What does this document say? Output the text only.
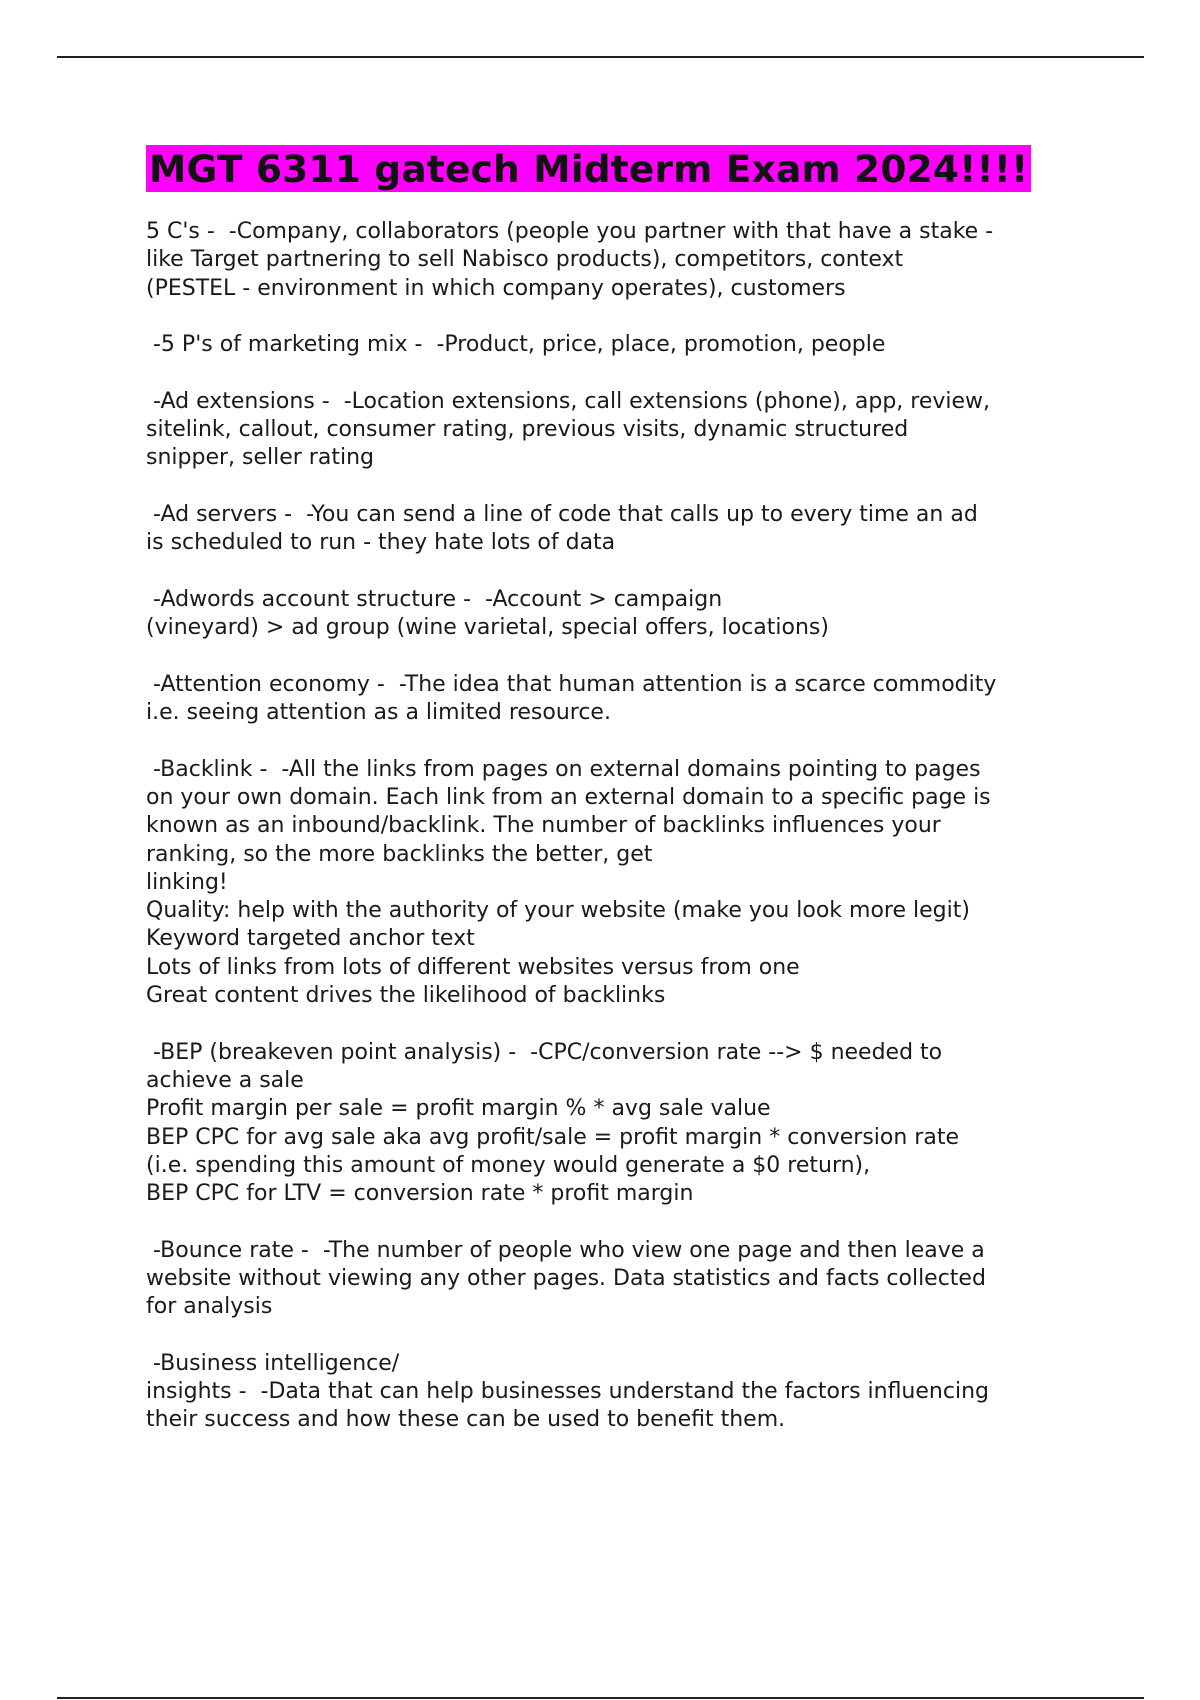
MGT 6311 gatech Midterm Exam 2024!!!!
5 C's -  -Company, collaborators (people you partner with that have a stake -
like Target partnering to sell Nabisco products), competitors, context
(PESTEL - environment in which company operates), customers
-5 P's of marketing mix -  -Product, price, place, promotion, people
-Ad extensions -  -Location extensions, call extensions (phone), app, review,
sitelink, callout, consumer rating, previous visits, dynamic structured
snipper, seller rating
-Ad servers -  -You can send a line of code that calls up to every time an ad
is scheduled to run - they hate lots of data
-Adwords account structure -  -Account > campaign
(vineyard) > ad group (wine varietal, special offers, locations)
-Attention economy -  -The idea that human attention is a scarce commodity
i.e. seeing attention as a limited resource.
-Backlink -  -All the links from pages on external domains pointing to pages
on your own domain. Each link from an external domain to a specific page is
known as an inbound/backlink. The number of backlinks influences your
ranking, so the more backlinks the better, get
linking!
Quality: help with the authority of your website (make you look more legit)
Keyword targeted anchor text
Lots of links from lots of different websites versus from one
Great content drives the likelihood of backlinks
-BEP (breakeven point analysis) -  -CPC/conversion rate --> $ needed to
achieve a sale
Profit margin per sale = profit margin % * avg sale value
BEP CPC for avg sale aka avg profit/sale = profit margin * conversion rate
(i.e. spending this amount of money would generate a $0 return),
BEP CPC for LTV = conversion rate * profit margin
-Bounce rate -  -The number of people who view one page and then leave a
website without viewing any other pages. Data statistics and facts collected
for analysis
-Business intelligence/
insights -  -Data that can help businesses understand the factors influencing
their success and how these can be used to benefit them.
